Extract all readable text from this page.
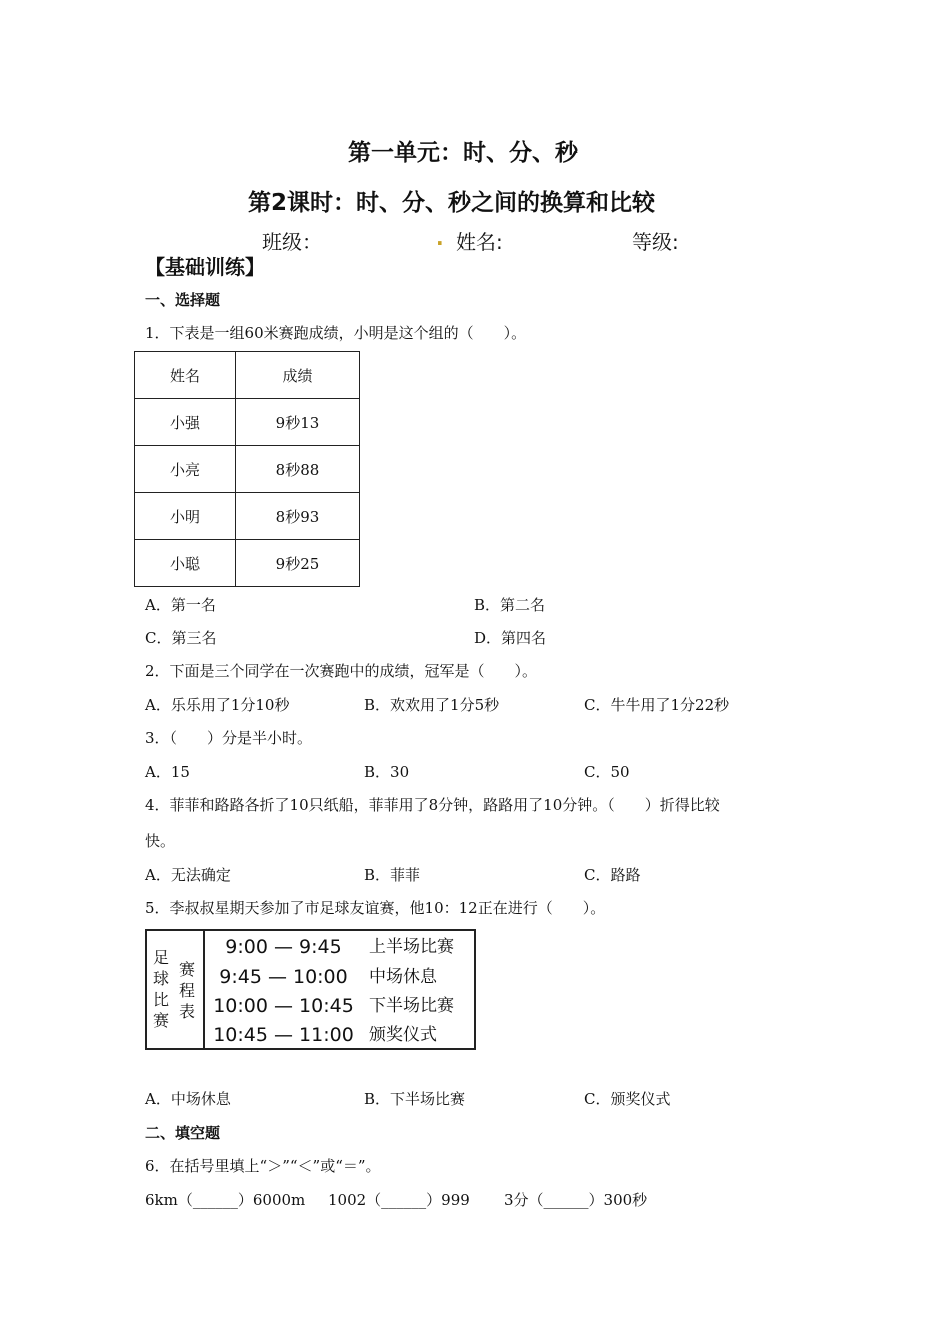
第一单元：时、分、秒
第2课时：时、分、秒之间的换算和比较
班级：	. 姓名:	等级:
【基础训练】
一、选择题
1．下表是一组60米赛跑成绩，小明是这个组的（　　）。
姓名	成绩
小强	9秒13
小亮	8秒88
小明	8秒93
小聪	9秒25
A．第一名	B．第二名
C．第三名	D．第四名
2．下面是三个同学在一次赛跑中的成绩，冠军是（　　）。
A．乐乐用了1分10秒	B．欢欢用了1分5秒	C．牛牛用了1分22秒
3．（　　）分是半小时。
A．15	B．30	C．50
4．菲菲和路路各折了10只纸船，菲菲用了8分钟，路路用了10分钟。（　　）折得比较
快。
A．无法确定	B．菲菲	C．路路
5．李叔叔星期天参加了市足球友谊赛，他10：12正在进行（　　）。
足球比赛
赛程表
9:00 — 9:45	上半场比赛
9:45 — 10:00	中场休息
10:00 — 10:45 下半场比赛
10:45 — 11:00 颁奖仪式
A．中场休息	B．下半场比赛	C．颁奖仪式
二、填空题
6．在括号里填上“＞”“＜”或“＝”。
6km（______）6000m 1002（______）999 3分（______）300秒
